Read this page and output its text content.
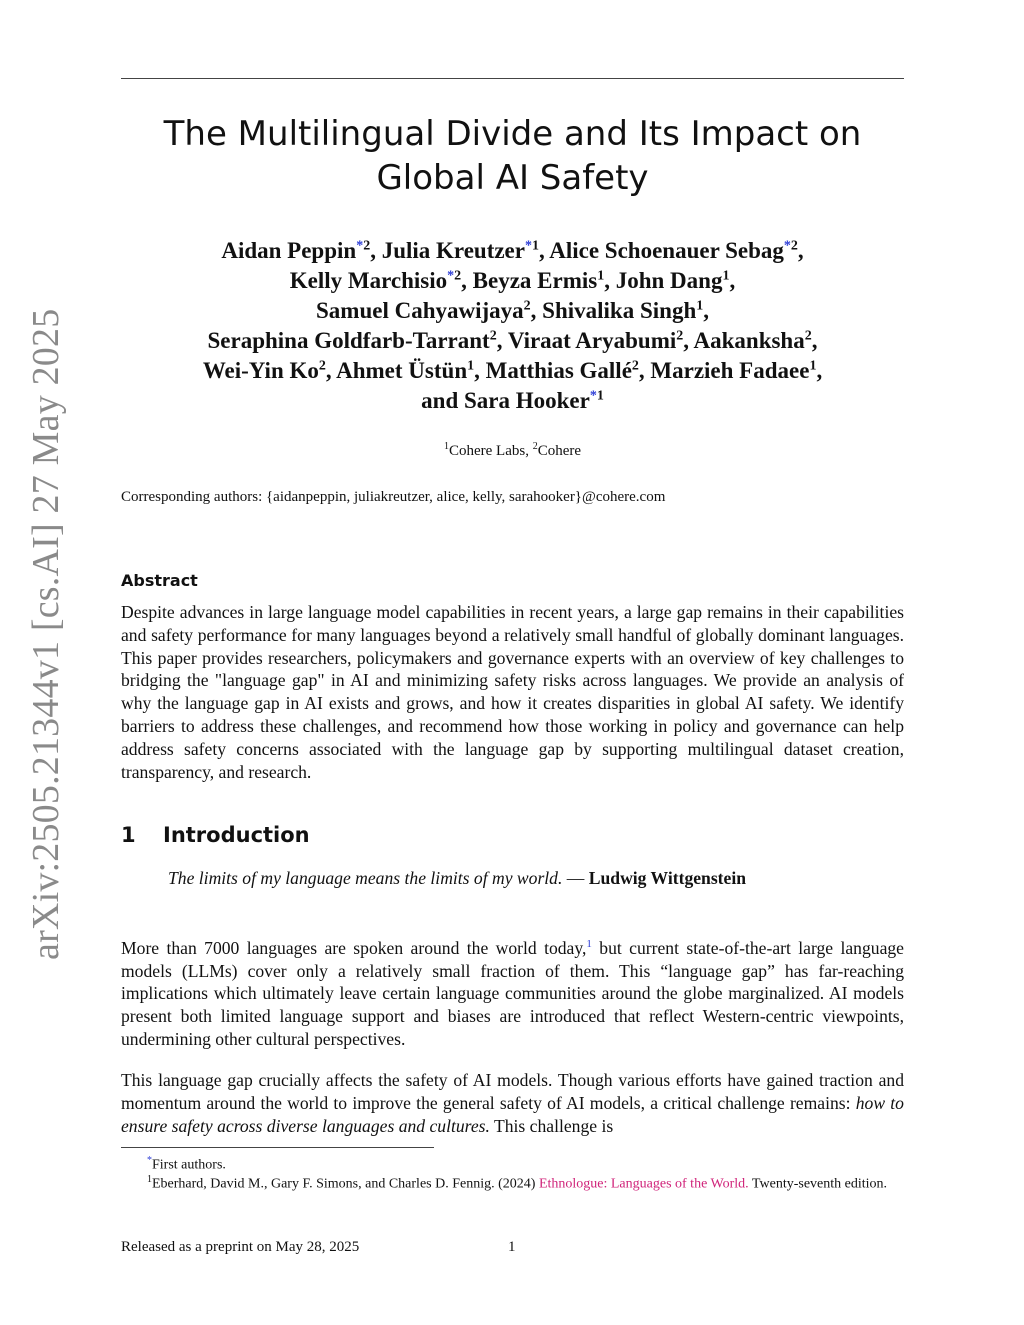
arXiv:2505.21344v1 [cs.AI] 27 May 2025
The Multilingual Divide and Its Impact on
Global AI Safety
Aidan Peppin$^{*2}$, Julia Kreutzer$^{*1}$, Alice Schoenauer Sebag$^{*2}$,
Kelly Marchisio$^{*2}$, Beyza Ermis$^1$, John Dang$^1$,
Samuel Cahyawijaya$^2$, Shivalika Singh$^1$,
Seraphina Goldfarb-Tarrant$^2$, Viraat Aryabumi$^2$, Aakanksha$^2$,
Wei-Yin Ko$^2$, Ahmet Üstün$^1$, Matthias Gallé$^2$, Marzieh Fadaee$^1$,
and Sara Hooker$^{*1}$
$^1$Cohere Labs, $^2$Cohere
Corresponding authors: {aidanpeppin, juliakreutzer, alice, kelly, sarahooker}@cohere.com
Abstract
Despite advances in large language model capabilities in recent years, a large gap remains in their capabilities and safety performance for many languages beyond a relatively small handful of globally dominant languages. This paper provides researchers, policymakers and governance experts with an overview of key challenges to bridging the "language gap" in AI and minimizing safety risks across languages. We provide an analysis of why the language gap in AI exists and grows, and how it creates disparities in global AI safety. We identify barriers to address these challenges, and recommend how those working in policy and governance can help address safety concerns associated with the language gap by supporting multilingual dataset creation, transparency, and research.
1 Introduction
The limits of my language means the limits of my world. — Ludwig Wittgenstein
More than 7000 languages are spoken around the world today,$^1$ but current state-of-the-art large language models (LLMs) cover only a relatively small fraction of them. This “language gap” has far-reaching implications which ultimately leave certain language communities around the globe marginalized. AI models present both limited language support and biases are introduced that reflect Western-centric viewpoints, undermining other cultural perspectives.
This language gap crucially affects the safety of AI models. Though various efforts have gained traction and momentum around the world to improve the general safety of AI models, a critical challenge remains: how to ensure safety across diverse languages and cultures. This challenge is
*First authors.
$^1$Eberhard, David M., Gary F. Simons, and Charles D. Fennig. (2024) Ethnologue: Languages of the World. Twenty-seventh edition.
Released as a preprint on May 28, 2025	1
